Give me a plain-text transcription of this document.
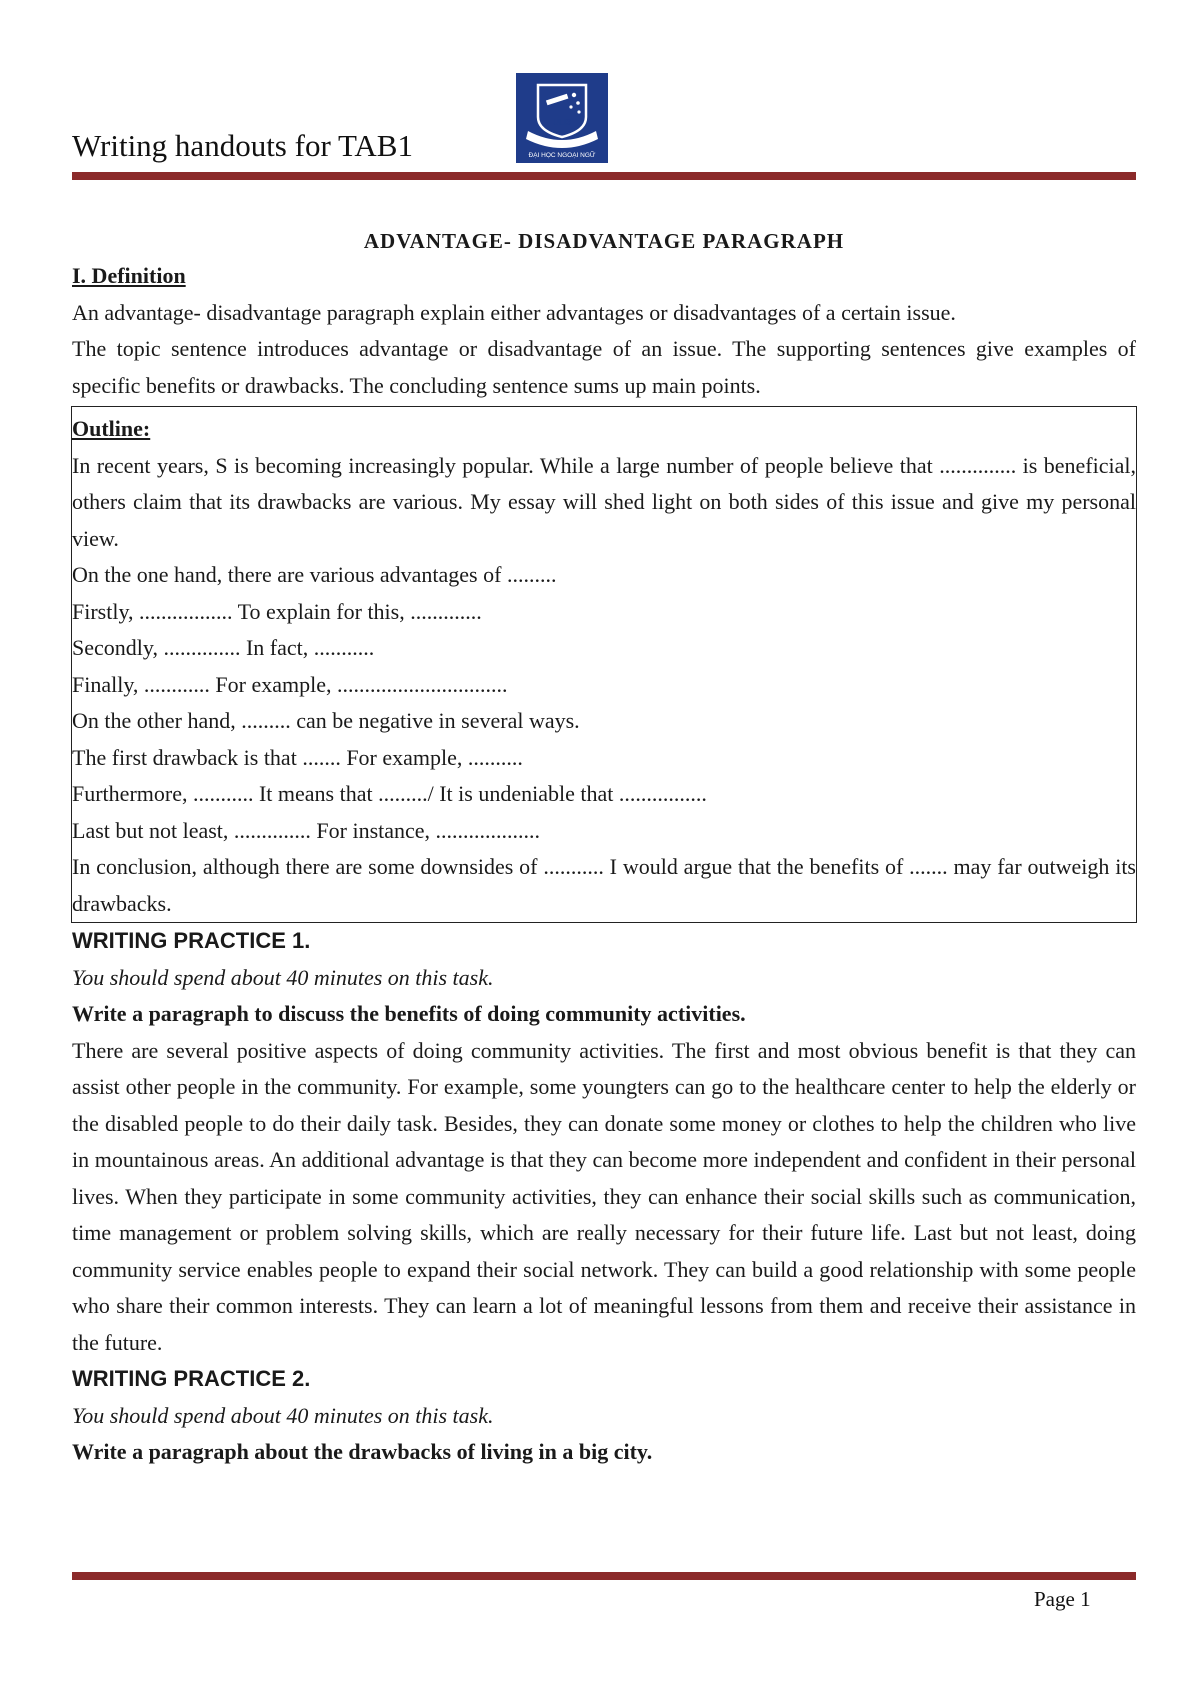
Writing handouts for TAB1
ULIS
ĐẠI HỌC NGOẠI NGỮ
ADVANTAGE- DISADVANTAGE PARAGRAPH

I. Definition

An advantage- disadvantage paragraph explain either advantages or disadvantages of a certain issue.

The topic sentence introduces advantage or disadvantage of an issue. The supporting sentences give examples of specific benefits or drawbacks. The concluding sentence sums up main points.

Outline:

In recent years, S is becoming increasingly popular. While a large number of people believe that .............. is beneficial, others claim that its drawbacks are various. My essay will shed light on both sides of this issue and give my personal view.

On the one hand, there are various advantages of .........

Firstly, ................. To explain for this, .............

Secondly, .............. In fact, ...........

Finally, ............ For example, ...............................

On the other hand, ......... can be negative in several ways.

The first drawback is that ....... For example, ..........

Furthermore, ........... It means that ........./ It is undeniable that ................

Last but not least, .............. For instance, ...................

In conclusion, although there are some downsides of ........... I would argue that the benefits of ....... may far outweigh its drawbacks.

WRITING PRACTICE 1.

You should spend about 40 minutes on this task.

Write a paragraph to discuss the benefits of doing community activities.

There are several positive aspects of doing community activities. The first and most obvious benefit is that they can assist other people in the community. For example, some youngters can go to the healthcare center to help the elderly or the disabled people to do their daily task. Besides, they can donate some money or clothes to help the children who live in mountainous areas. An additional advantage is that they can become more independent and confident in their personal lives. When they participate in some community activities, they can enhance their social skills such as communication, time management or problem solving skills, which are really necessary for their future life. Last but not least, doing community service enables people to expand their social network. They can build a good relationship with some people who share their common interests. They can learn a lot of meaningful lessons from them and receive their assistance in the future.

WRITING PRACTICE 2.

You should spend about 40 minutes on this task.

Write a paragraph about the drawbacks of living in a big city.

Page 1
